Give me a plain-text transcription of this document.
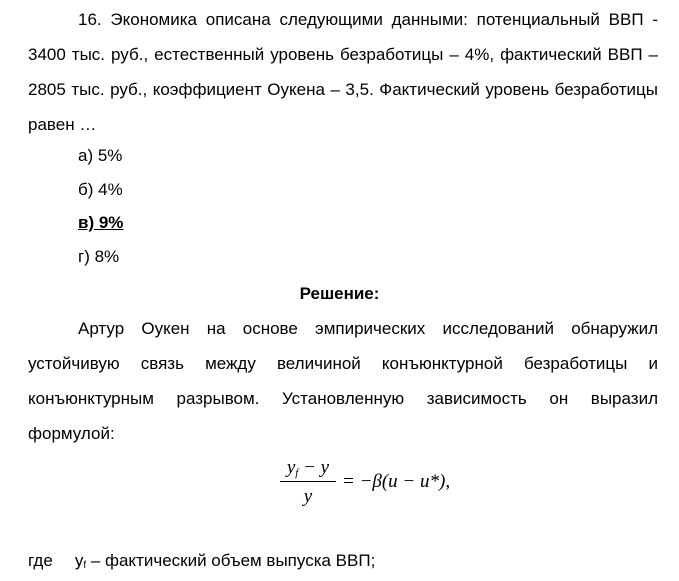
16. Экономика описана следующими данными: потенциальный ВВП -
3400 тыс. руб., естественный уровень безработицы – 4%, фактический ВВП –
2805 тыс. руб., коэффициент Оукена – 3,5. Фактический уровень безработицы
равен …
а) 5%
б) 4%
в) 9%
г) 8%
Решение:
Артур Оукен на основе эмпирических исследований обнаружил
устойчивую связь между величиной конъюнктурной безработицы и
конъюнктурным разрывом. Установленную зависимость он выразил
формулой:
$y_f - y$
y
= −β(u − u*),
где $y_f$ – фактический объем выпуска ВВП;
